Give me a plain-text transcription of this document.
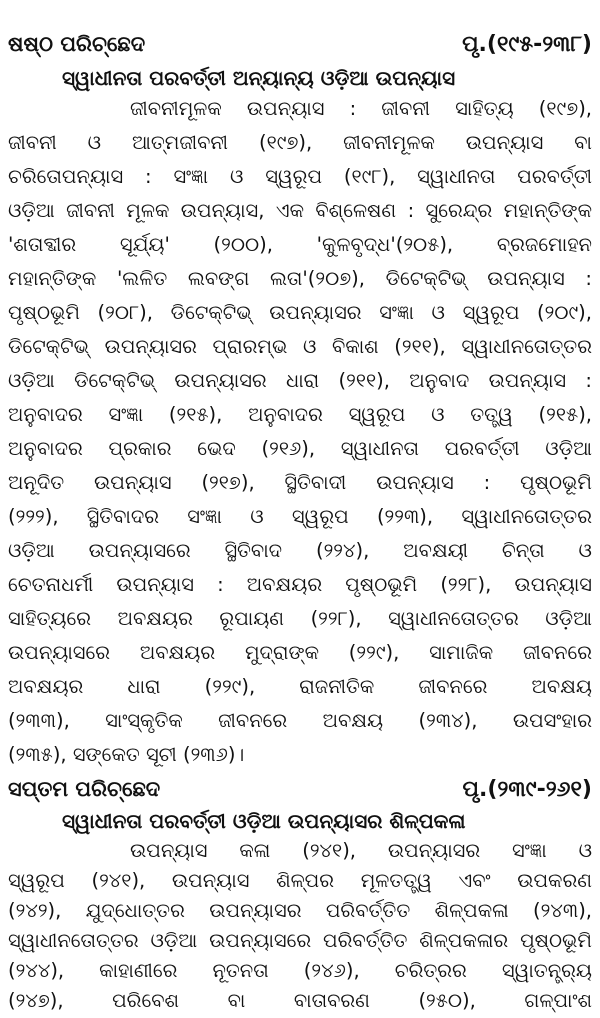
ଷଷ୍ଠ ପରିଚ୍ଛେଦ	ପୃ.(୧୯୫-୨୩୮)
ସ୍ୱାଧୀନତା ପରବର୍ତ୍ତୀ ଅନ୍ୟାନ୍ୟ ଓଡ଼ିଆ ଉପନ୍ୟାସ
ଜୀବନୀମୂଳକ ଉପନ୍ୟାସ : ଜୀବନୀ ସାହିତ୍ୟ (୧୯୭),
ଜୀବନୀ ଓ ଆତ୍ମଜୀବନୀ (୧୯୭), ଜୀବନୀମୂଳକ ଉପନ୍ୟାସ ବା
ଚରିତୋପନ୍ୟାସ : ସଂଜ୍ଞା ଓ ସ୍ୱରୂପ (୧୯୮), ସ୍ୱାଧୀନତା ପରବର୍ତ୍ତୀ
ଓଡ଼ିଆ ଜୀବନୀ ମୂଳକ ଉପନ୍ୟାସ, ଏକ ବିଶ୍ଳେଷଣ : ସୁରେନ୍ଦ୍ର ମହାନ୍ତିଙ୍କ
'ଶତାବ୍ଦୀର ସୂର୍ଯ୍ୟ' (୨୦୦), 'କୁଳବୃଦ୍ଧ'(୨୦୫), ବ୍ରଜମୋହନ
ମହାନ୍ତିଙ୍କ 'ଲଳିତ ଲବଙ୍ଗ ଲତା'(୨୦୭), ଡିଟେକ୍ଟିଭ୍ ଉପନ୍ୟାସ :
ପୃଷ୍ଠଭୂମି (୨୦୮), ଡିଟେକ୍ଟିଭ୍ ଉପନ୍ୟାସର ସଂଜ୍ଞା ଓ ସ୍ୱରୂପ (୨୦୯),
ଡିଟେକ୍ଟିଭ୍ ଉପନ୍ୟାସର ପ୍ରାରମ୍ଭ ଓ ବିକାଶ (୨୧୧), ସ୍ୱାଧୀନତୋତ୍ତର
ଓଡ଼ିଆ ଡିଟେକ୍ଟିଭ୍ ଉପନ୍ୟାସର ଧାରା (୨୧୧), ଅନୁବାଦ ଉପନ୍ୟାସ :
ଅନୁବାଦର ସଂଜ୍ଞା (୨୧୫), ଅନୁବାଦର ସ୍ୱରୂପ ଓ ତତ୍ତ୍ୱ (୨୧୫),
ଅନୁବାଦର ପ୍ରକାର ଭେଦ (୨୧୬), ସ୍ୱାଧୀନତା ପରବର୍ତ୍ତୀ ଓଡ଼ିଆ
ଅନୂଦିତ ଉପନ୍ୟାସ (୨୧୭), ସ୍ଥିତିବାଦୀ ଉପନ୍ୟାସ : ପୃଷ୍ଠଭୂମି
(୨୨୨), ସ୍ଥିତିବାଦର ସଂଜ୍ଞା ଓ ସ୍ୱରୂପ (୨୨୩), ସ୍ୱାଧୀନତୋତ୍ତର
ଓଡ଼ିଆ ଉପନ୍ୟାସରେ ସ୍ଥିତିବାଦ (୨୨୪), ଅବକ୍ଷୟୀ ଚିନ୍ତା ଓ
ଚେତନାଧର୍ମୀ ଉପନ୍ୟାସ : ଅବକ୍ଷୟର ପୃଷ୍ଠଭୂମି (୨୨୮), ଉପନ୍ୟାସ
ସାହିତ୍ୟରେ ଅବକ୍ଷୟର ରୂପାୟଣ (୨୨୮), ସ୍ୱାଧୀନତୋତ୍ତର ଓଡ଼ିଆ
ଉପନ୍ୟାସରେ ଅବକ୍ଷୟର ମୁଦ୍ରାଙ୍କ (୨୨୯), ସାମାଜିକ ଜୀବନରେ
ଅବକ୍ଷୟର ଧାରା (୨୨୯), ରାଜନୀତିକ ଜୀବନରେ ଅବକ୍ଷୟ
(୨୩୩), ସାଂସ୍କୃତିକ ଜୀବନରେ ଅବକ୍ଷୟ (୨୩୪), ଉପସଂହାର
(୨୩୫), ସଙ୍କେତ ସୂଚୀ (୨୩୬)।
ସପ୍ତମ ପରିଚ୍ଛେଦ	ପୃ.(୨୩୯-୨୬୧)
ସ୍ୱାଧୀନତା ପରବର୍ତ୍ତୀ ଓଡ଼ିଆ ଉପନ୍ୟାସର ଶିଳ୍ପକଳା
ଉପନ୍ୟାସ କଳା (୨୪୧), ଉପନ୍ୟାସର ସଂଜ୍ଞା ଓ
ସ୍ୱରୂପ (୨୪୧), ଉପନ୍ୟାସ ଶିଳ୍ପର ମୂଳତତ୍ତ୍ୱ ଏବଂ ଉପକରଣ
(୨୪୨), ଯୁଦ୍ଧୋତ୍ତର ଉପନ୍ୟାସର ପରିବର୍ତ୍ତିତ ଶିଳ୍ପକଳା (୨୪୩),
ସ୍ୱାଧୀନତୋତ୍ତର ଓଡ଼ିଆ ଉପନ୍ୟାସରେ ପରିବର୍ତ୍ତିତ ଶିଳ୍ପକଳାର ପୃଷ୍ଠଭୂମି
(୨୪୪), କାହାଣୀରେ ନୂତନତା (୨୪୬), ଚରିତ୍ରର ସ୍ୱାତନ୍ତ୍ର୍ୟ
(୨୪୭), ପରିବେଶ ବା ବାତାବରଣ (୨୫୦), ଗଳ୍ପାଂଶ
